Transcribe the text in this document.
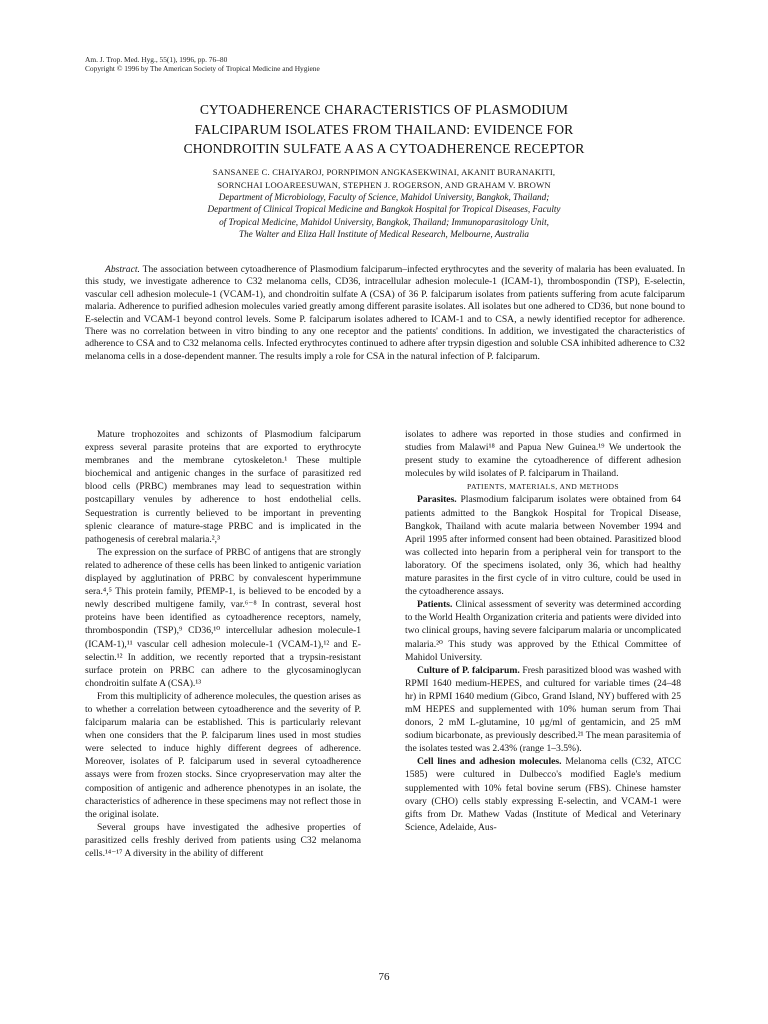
Am. J. Trop. Med. Hyg., 55(1), 1996, pp. 76–80
Copyright © 1996 by The American Society of Tropical Medicine and Hygiene
CYTOADHERENCE CHARACTERISTICS OF PLASMODIUM
FALCIPARUM ISOLATES FROM THAILAND: EVIDENCE FOR
CHONDROITIN SULFATE A AS A CYTOADHERENCE RECEPTOR
SANSANEE C. CHAIYAROJ, PORNPIMON ANGKASEKWINAI, AKANIT BURANAKITI,
SORNCHAI LOOAREESUWAN, STEPHEN J. ROGERSON, AND GRAHAM V. BROWN
Department of Microbiology, Faculty of Science, Mahidol University, Bangkok, Thailand;
Department of Clinical Tropical Medicine and Bangkok Hospital for Tropical Diseases, Faculty
of Tropical Medicine, Mahidol University, Bangkok, Thailand; Immunoparasitology Unit,
The Walter and Eliza Hall Institute of Medical Research, Melbourne, Australia

Abstract. The association between cytoadherence of Plasmodium falciparum–infected erythrocytes and the severity of malaria has been evaluated. In this study, we investigate adherence to C32 melanoma cells, CD36, intracellular adhesion molecule-1 (ICAM-1), thrombospondin (TSP), E-selectin, vascular cell adhesion molecule-1 (VCAM-1), and chondroitin sulfate A (CSA) of 36 P. falciparum isolates from patients suffering from acute falciparum malaria. Adherence to purified adhesion molecules varied greatly among different parasite isolates. All isolates but one adhered to CD36, but none bound to E-selectin and VCAM-1 beyond control levels. Some P. falciparum isolates adhered to ICAM-1 and to CSA, a newly identified receptor for adherence. There was no correlation between in vitro binding to any one receptor and the patients' conditions. In addition, we investigated the characteristics of adherence to CSA and to C32 melanoma cells. Infected erythrocytes continued to adhere after trypsin digestion and soluble CSA inhibited adherence to C32 melanoma cells in a dose-dependent manner. The results imply a role for CSA in the natural infection of P. falciparum.

Mature trophozoites and schizonts of Plasmodium falciparum express several parasite proteins that are exported to erythrocyte membranes and the membrane cytoskeleton.¹ These multiple biochemical and antigenic changes in the surface of parasitized red blood cells (PRBC) membranes may lead to sequestration within postcapillary venules by adherence to host endothelial cells. Sequestration is currently believed to be important in preventing splenic clearance of mature-stage PRBC and is implicated in the pathogenesis of cerebral malaria.²,³

The expression on the surface of PRBC of antigens that are strongly related to adherence of these cells has been linked to antigenic variation displayed by agglutination of PRBC by convalescent hyperimmune sera.⁴,⁵ This protein family, PfEMP-1, is believed to be encoded by a newly described multigene family, var.⁶⁻⁸ In contrast, several host proteins have been identified as cytoadherence receptors, namely, thrombospondin (TSP),⁹ CD36,¹⁰ intercellular adhesion molecule-1 (ICAM-1),¹¹ vascular cell adhesion molecule-1 (VCAM-1),¹² and E-selectin.¹² In addition, we recently reported that a trypsin-resistant surface protein on PRBC can adhere to the glycosaminoglycan chondroitin sulfate A (CSA).¹³

From this multiplicity of adherence molecules, the question arises as to whether a correlation between cytoadherence and the severity of P. falciparum malaria can be established. This is particularly relevant when one considers that the P. falciparum lines used in most studies were selected to induce highly different degrees of adherence. Moreover, isolates of P. falciparum used in several cytoadherence assays were from frozen stocks. Since cryopreservation may alter the composition of antigenic and adherence phenotypes in an isolate, the characteristics of adherence in these specimens may not reflect those in the original isolate.

Several groups have investigated the adhesive properties of parasitized cells freshly derived from patients using C32 melanoma cells.¹⁴⁻¹⁷ A diversity in the ability of different

isolates to adhere was reported in those studies and confirmed in studies from Malawi¹⁸ and Papua New Guinea.¹⁹ We undertook the present study to examine the cytoadherence of different adhesion molecules by wild isolates of P. falciparum in Thailand.

PATIENTS, MATERIALS, AND METHODS

Parasites. Plasmodium falciparum isolates were obtained from 64 patients admitted to the Bangkok Hospital for Tropical Disease, Bangkok, Thailand with acute malaria between November 1994 and April 1995 after informed consent had been obtained. Parasitized blood was collected into heparin from a peripheral vein for transport to the laboratory. Of the specimens isolated, only 36, which had healthy mature parasites in the first cycle of in vitro culture, could be used in the cytoadherence assays.

Patients. Clinical assessment of severity was determined according to the World Health Organization criteria and patients were divided into two clinical groups, having severe falciparum malaria or uncomplicated malaria.²⁰ This study was approved by the Ethical Committee of Mahidol University.

Culture of P. falciparum. Fresh parasitized blood was washed with RPMI 1640 medium-HEPES, and cultured for variable times (24–48 hr) in RPMI 1640 medium (Gibco, Grand Island, NY) buffered with 25 mM HEPES and supplemented with 10% human serum from Thai donors, 2 mM L-glutamine, 10 μg/ml of gentamicin, and 25 mM sodium bicarbonate, as previously described.²¹ The mean parasitemia of the isolates tested was 2.43% (range 1–3.5%).

Cell lines and adhesion molecules. Melanoma cells (C32, ATCC 1585) were cultured in Dulbecco's modified Eagle's medium supplemented with 10% fetal bovine serum (FBS). Chinese hamster ovary (CHO) cells stably expressing E-selectin, and VCAM-1 were gifts from Dr. Mathew Vadas (Institute of Medical and Veterinary Science, Adelaide, Aus-

76
